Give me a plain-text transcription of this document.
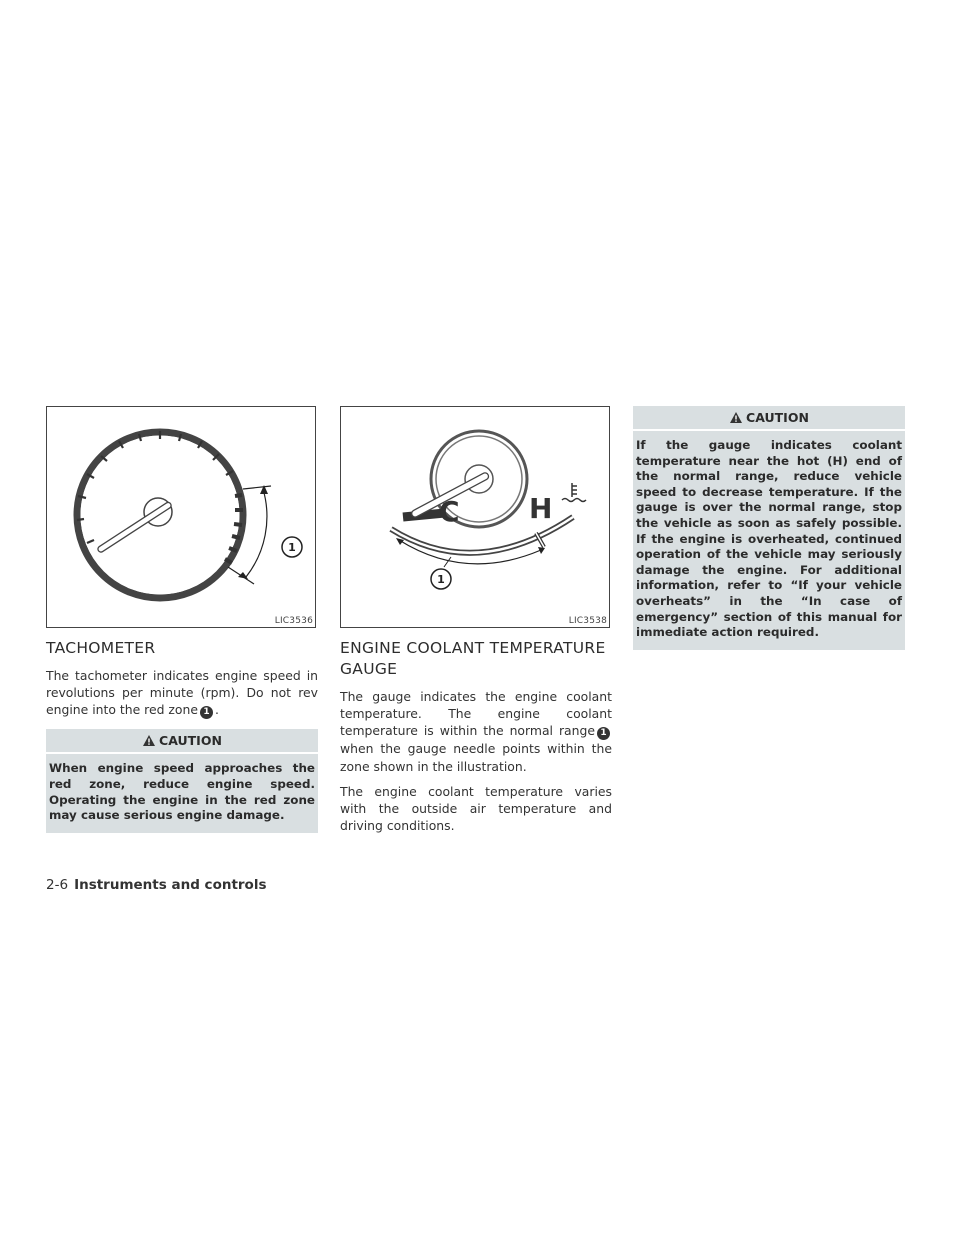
1
LIC3536
TACHOMETER

The tachometer indicates engine speed in revolutions per minute (rpm). Do not rev engine into the red zone 1 .

CAUTION
When engine speed approaches the red zone, reduce engine speed. Operating the engine in the red zone may cause serious engine damage.
C H
1
LIC3538
ENGINE COOLANT TEMPERATURE GAUGE

The gauge indicates the engine coolant temperature. The engine coolant temperature is within the normal range 1when the gauge needle points within the zone shown in the illustration.

The engine coolant temperature varies with the outside air temperature and driving conditions.

CAUTION
If the gauge indicates coolant temperature near the hot (H) end of the normal range, reduce vehicle speed to decrease temperature. If the gauge is over the normal range, stop the vehicle as soon as safely possible. If the engine is overheated, continued operation of the vehicle may seriously damage the engine. For additional information, refer to “If your vehicle overheats” in the “In case of emergency” section of this manual for immediate action required.
2-6 Instruments and controls
